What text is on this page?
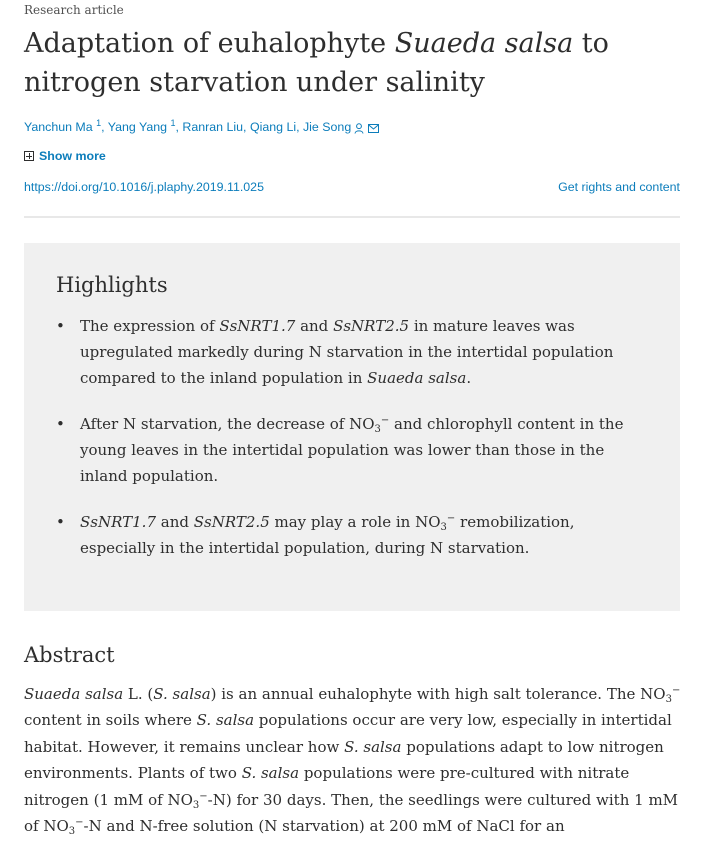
Research article
Adaptation of euhalophyte Suaeda salsa to nitrogen starvation under salinity
Yanchun Ma $^1$, Yang Yang $^1$, Ranran Liu, Qiang Li, Jie Song
Show more
https://doi.org/10.1016/j.plaphy.2019.11.025	Get rights and content
Highlights
• The expression of SsNRT1.7 and SsNRT2.5 in mature leaves was upregulated markedly during N starvation in the intertidal population compared to the inland population in Suaeda salsa.
• After N starvation, the decrease of $NO_3^-$ and chlorophyll content in the young leaves in the intertidal population was lower than those in the inland population.
• SsNRT1.7 and SsNRT2.5 may play a role in $NO_3^-$ remobilization, especially in the intertidal population, during N starvation.
Abstract

Suaeda salsa L. (S. salsa) is an annual euhalophyte with high salt tolerance. The $NO_3^-$ content in soils where S. salsa populations occur are very low, especially in intertidal habitat. However, it remains unclear how S. salsa populations adapt to low nitrogen environments. Plants of two S. salsa populations were pre-cultured with nitrate nitrogen (1 mM of $NO_3^--N$) for 30 days. Then, the seedlings were cultured with 1 mM of $NO_3^--N$ and N-free solution (N starvation) at 200 mM of NaCl for an
